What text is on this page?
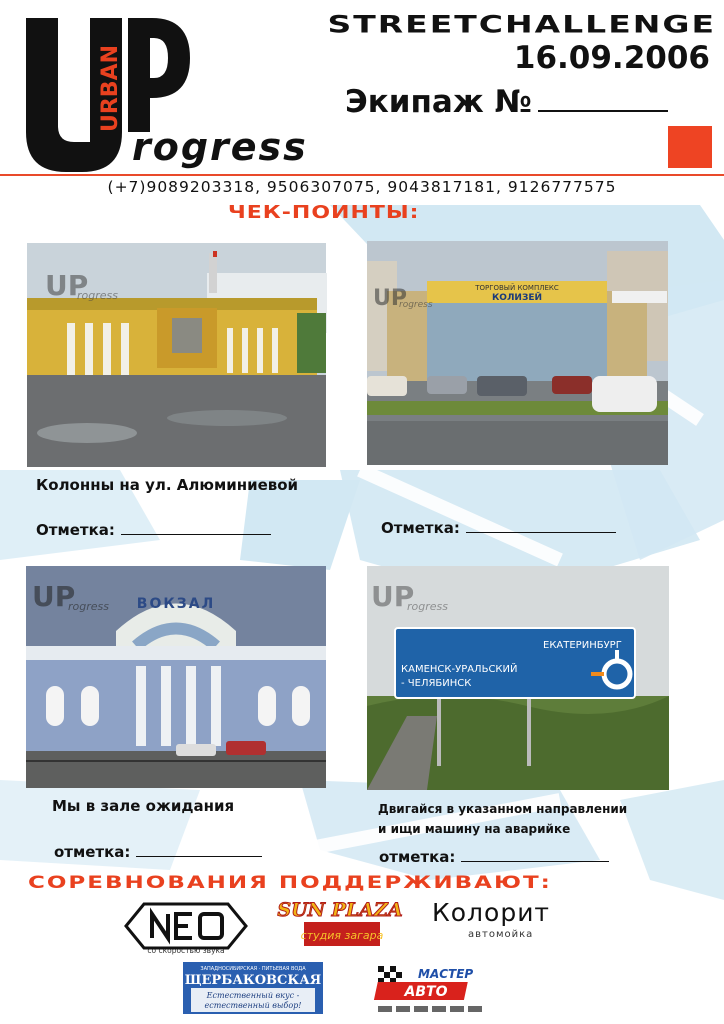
URBAN
rogress
STREETCHALLENGE
16.09.2006
Экипаж №
(+7)9089203318, 9506307075, 9043817181, 9126777575
ЧЕК-ПОИНТЫ:
UP
rogress
ТОРГОВЫЙ КОМПЛЕКС
КОЛИЗЕЙ
UP
rogress
ВОКЗАЛ
UP
rogress
ЕКАТЕРИНБУРГ
КАМЕНСК-УРАЛЬСКИЙ
- ЧЕЛЯБИНСК
UP
rogress
Колонны на ул. Алюминиевой
Отметка:	Отметка:
Мы в зале ожидания
отметка:
Двигайся в указанном направлении
и ищи машину на аварийке
отметка:
СОРЕВНОВАНИЯ ПОДДЕРЖИВАЮТ:
со скоростью звука
SUN PLAZA
студия загара
Колорит
автомойка
ЗАПАДНОСИБИРСКАЯ · ПИТЬЕВАЯ ВОДА
ЩЕРБАКОВСКАЯ
Естественный вкус -
естественный выбор!
МАСТЕР
АВТО
